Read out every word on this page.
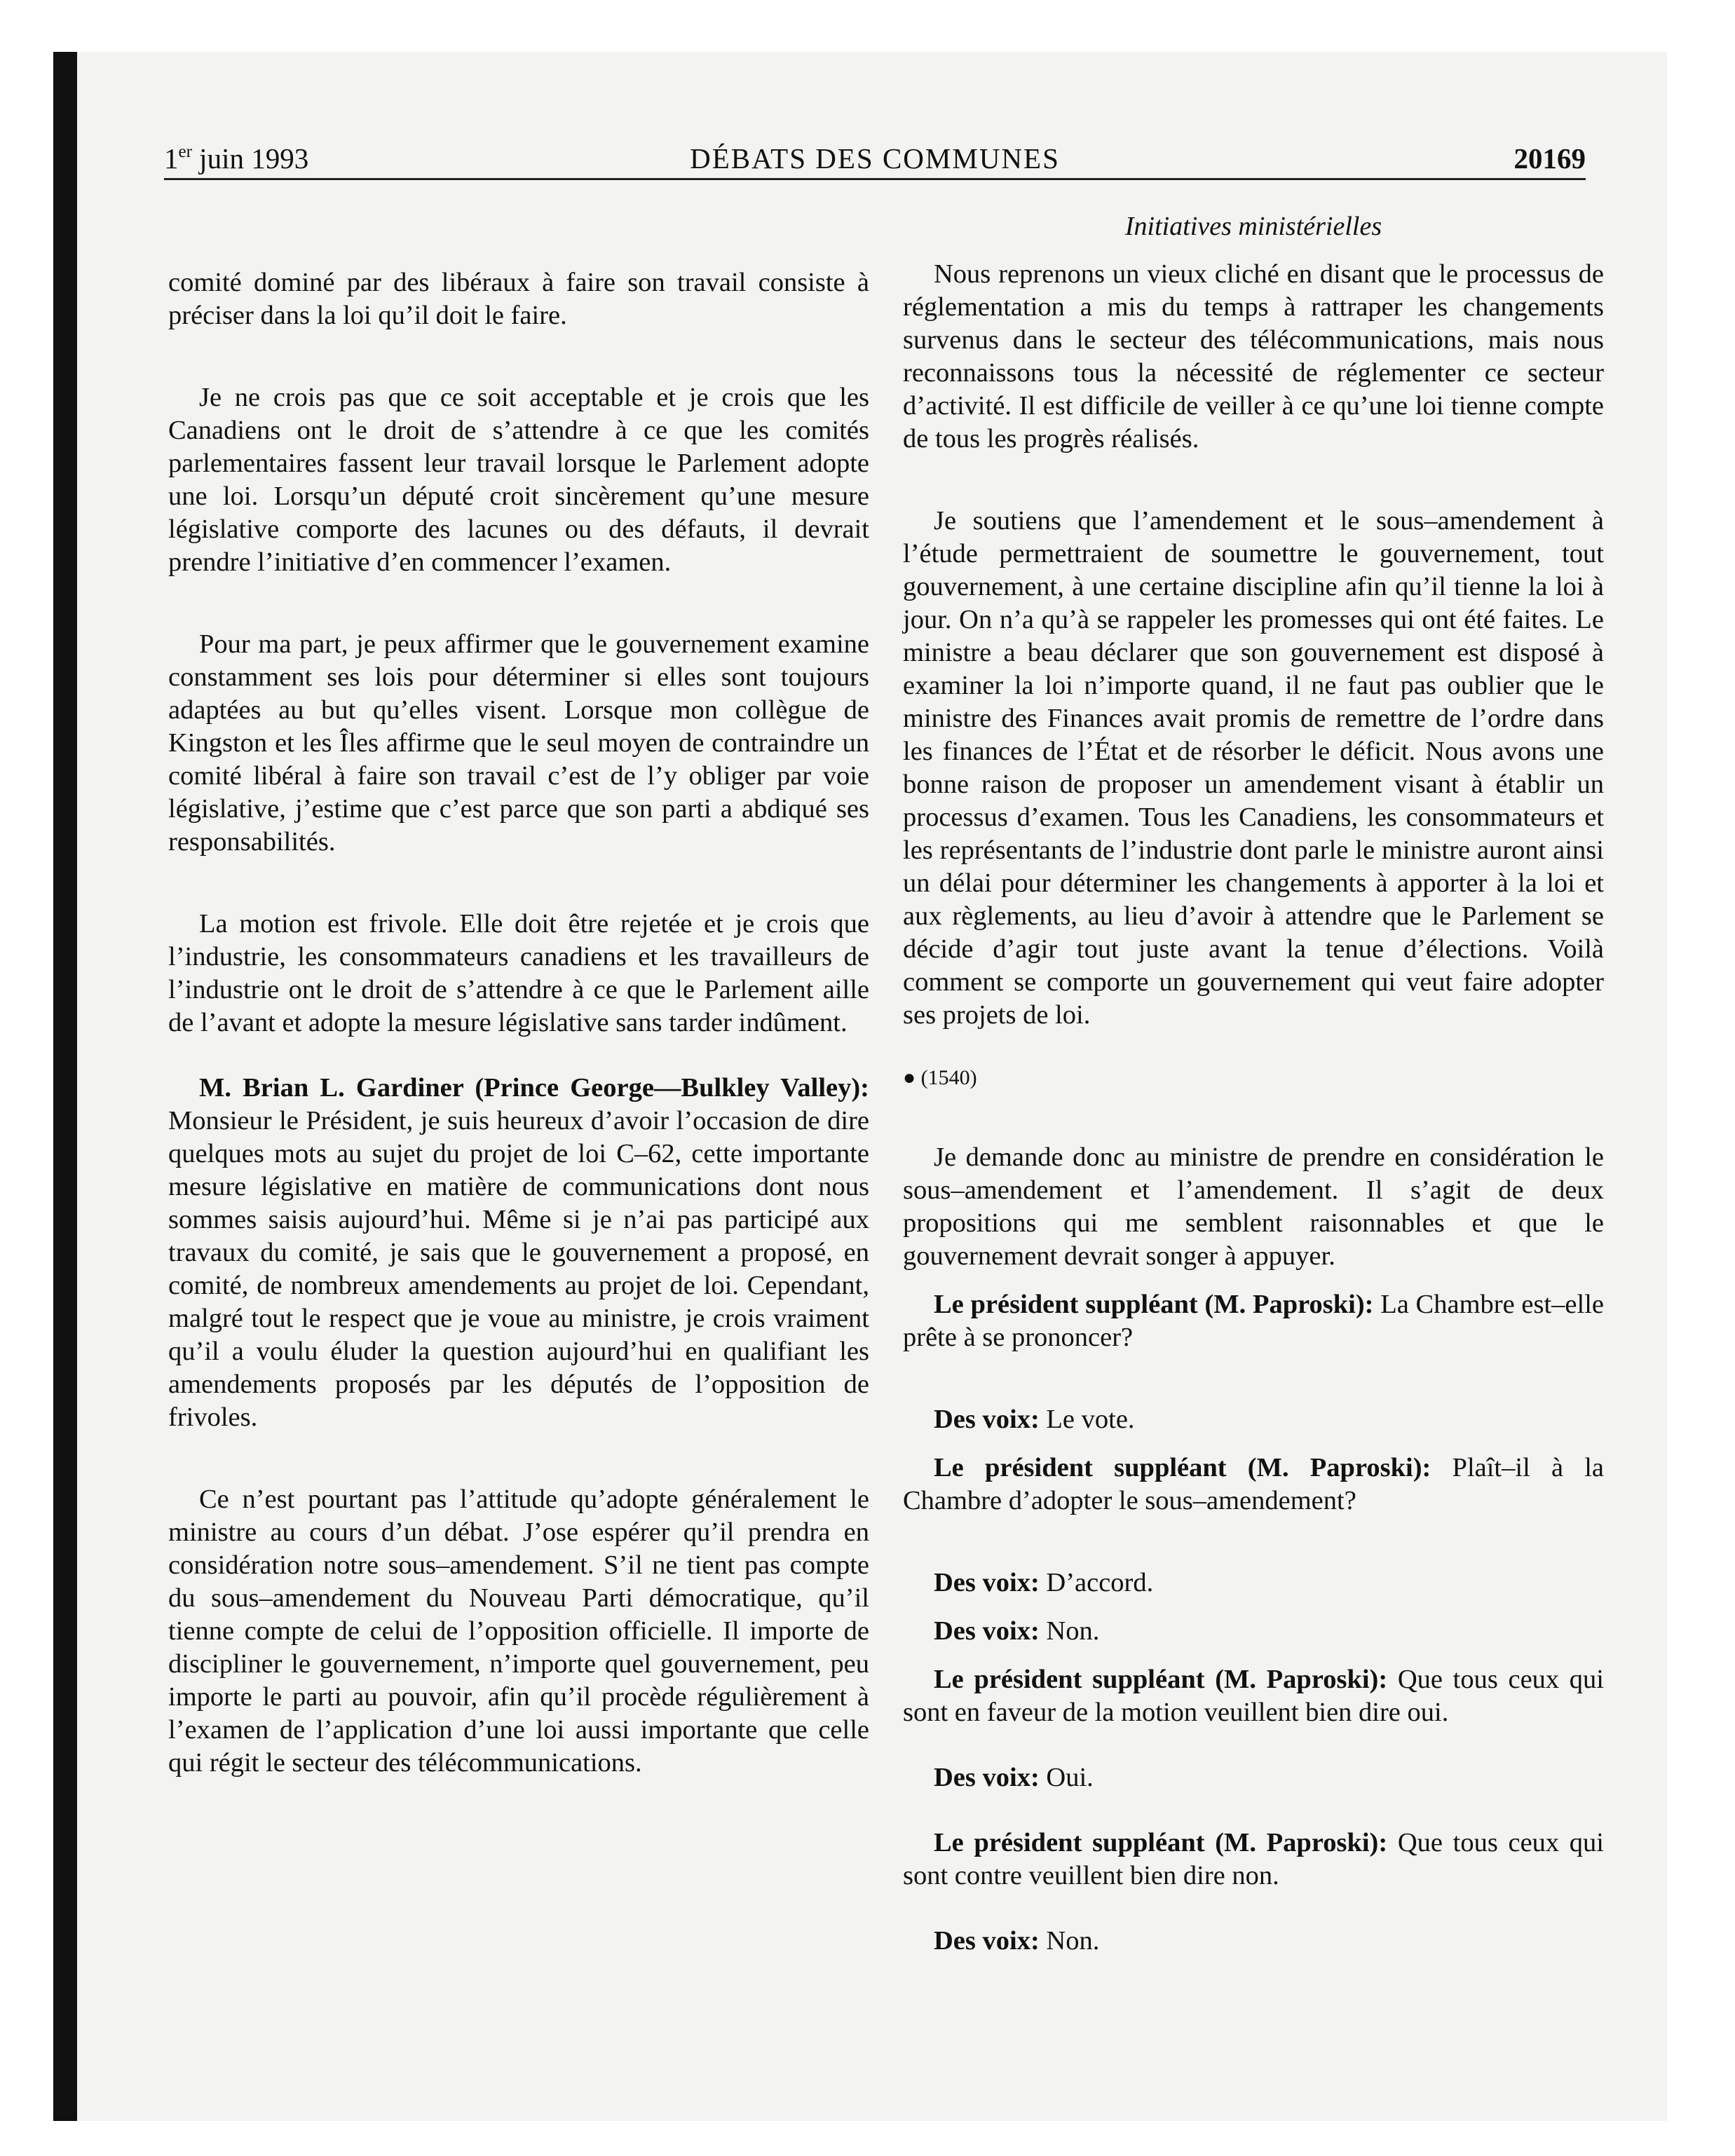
1er juin 1993	DÉBATS DES COMMUNES	20169

comité dominé par des libéraux à faire son travail consiste à préciser dans la loi qu’il doit le faire.

Je ne crois pas que ce soit acceptable et je crois que les Canadiens ont le droit de s’attendre à ce que les comités parlementaires fassent leur travail lorsque le Parlement adopte une loi. Lorsqu’un député croit sincèrement qu’une mesure législative comporte des lacunes ou des défauts, il devrait prendre l’initiative d’en commencer l’examen.

Pour ma part, je peux affirmer que le gouvernement examine constamment ses lois pour déterminer si elles sont toujours adaptées au but qu’elles visent. Lorsque mon collègue de Kingston et les Îles affirme que le seul moyen de contraindre un comité libéral à faire son travail c’est de l’y obliger par voie législative, j’estime que c’est parce que son parti a abdiqué ses responsabilités.

La motion est frivole. Elle doit être rejetée et je crois que l’industrie, les consommateurs canadiens et les travailleurs de l’industrie ont le droit de s’attendre à ce que le Parlement aille de l’avant et adopte la mesure législative sans tarder indûment.

M. Brian L. Gardiner (Prince George—Bulkley Valley): Monsieur le Président, je suis heureux d’avoir l’occasion de dire quelques mots au sujet du projet de loi C–62, cette importante mesure législative en matière de communications dont nous sommes saisis aujourd’hui. Même si je n’ai pas participé aux travaux du comité, je sais que le gouvernement a proposé, en comité, de nombreux amendements au projet de loi. Cependant, malgré tout le respect que je voue au ministre, je crois vraiment qu’il a voulu éluder la question aujourd’hui en qualifiant les amendements proposés par les députés de l’opposition de frivoles.

Ce n’est pourtant pas l’attitude qu’adopte généralement le ministre au cours d’un débat. J’ose espérer qu’il prendra en considération notre sous–amendement. S’il ne tient pas compte du sous–amendement du Nouveau Parti démocratique, qu’il tienne compte de celui de l’opposition officielle. Il importe de discipliner le gouvernement, n’importe quel gouvernement, peu importe le parti au pouvoir, afin qu’il procède régulièrement à l’examen de l’application d’une loi aussi importante que celle qui régit le secteur des télécommunications.

Initiatives ministérielles

Nous reprenons un vieux cliché en disant que le processus de réglementation a mis du temps à rattraper les changements survenus dans le secteur des télécommunications, mais nous reconnaissons tous la nécessité de réglementer ce secteur d’activité. Il est difficile de veiller à ce qu’une loi tienne compte de tous les progrès réalisés.

Je soutiens que l’amendement et le sous–amendement à l’étude permettraient de soumettre le gouvernement, tout gouvernement, à une certaine discipline afin qu’il tienne la loi à jour. On n’a qu’à se rappeler les promesses qui ont été faites. Le ministre a beau déclarer que son gouvernement est disposé à examiner la loi n’importe quand, il ne faut pas oublier que le ministre des Finances avait promis de remettre de l’ordre dans les finances de l’État et de résorber le déficit. Nous avons une bonne raison de proposer un amendement visant à établir un processus d’examen. Tous les Canadiens, les consommateurs et les représentants de l’industrie dont parle le ministre auront ainsi un délai pour déterminer les changements à apporter à la loi et aux règlements, au lieu d’avoir à attendre que le Parlement se décide d’agir tout juste avant la tenue d’élections. Voilà comment se comporte un gouvernement qui veut faire adopter ses projets de loi.

● (1540)

Je demande donc au ministre de prendre en considération le sous–amendement et l’amendement. Il s’agit de deux propositions qui me semblent raisonnables et que le gouvernement devrait songer à appuyer.

Le président suppléant (M. Paproski): La Chambre est–elle prête à se prononcer?

Des voix: Le vote.

Le président suppléant (M. Paproski): Plaît–il à la Chambre d’adopter le sous–amendement?

Des voix: D’accord.

Des voix: Non.

Le président suppléant (M. Paproski): Que tous ceux qui sont en faveur de la motion veuillent bien dire oui.

Des voix: Oui.

Le président suppléant (M. Paproski): Que tous ceux qui sont contre veuillent bien dire non.

Des voix: Non.
